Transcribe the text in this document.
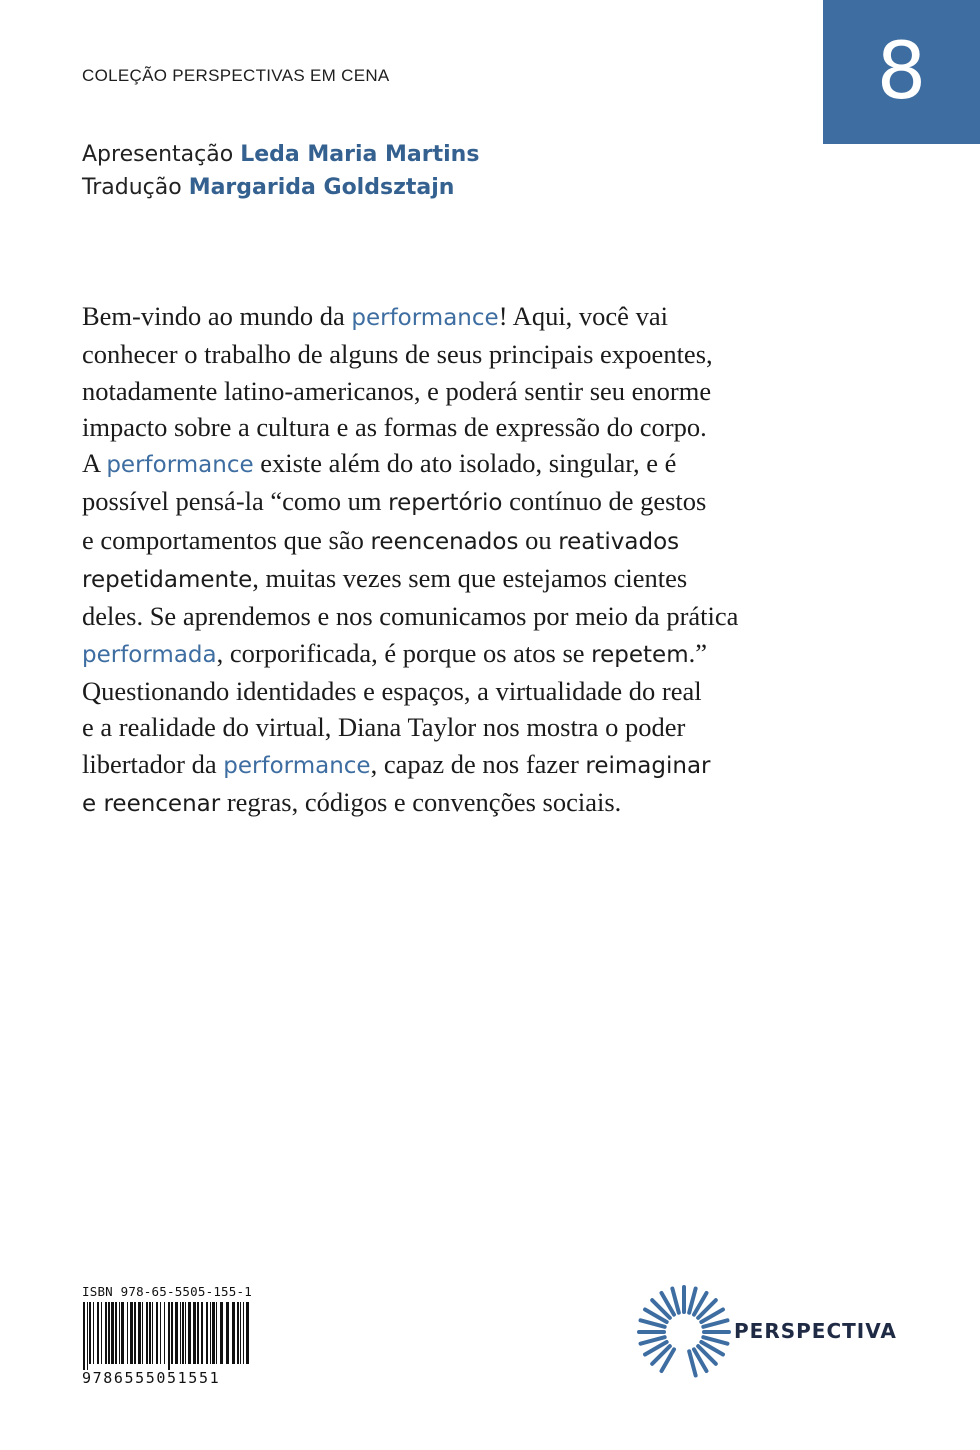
COLEÇÃO PERSPECTIVAS EM CENA	8
Apresentação Leda Maria Martins
Tradução Margarida Goldsztajn
Bem-vindo ao mundo da performance! Aqui, você vai
conhecer o trabalho de alguns de seus principais expoentes,
notadamente latino-americanos, e poderá sentir seu enorme
impacto sobre a cultura e as formas de expressão do corpo.
A performance existe além do ato isolado, singular, e é
possível pensá-la “como um repertório contínuo de gestos
e comportamentos que são reencenados ou reativados
repetidamente, muitas vezes sem que estejamos cientes
deles. Se aprendemos e nos comunicamos por meio da prática
performada, corporificada, é porque os atos se repetem.”
Questionando identidades e espaços, a virtualidade do real
e a realidade do virtual, Diana Taylor nos mostra o poder
libertador da performance, capaz de nos fazer reimaginar
e reencenar regras, códigos e convenções sociais.
ISBN 978-65-5505-155-1
9786555051551
PERSPECTIVA
